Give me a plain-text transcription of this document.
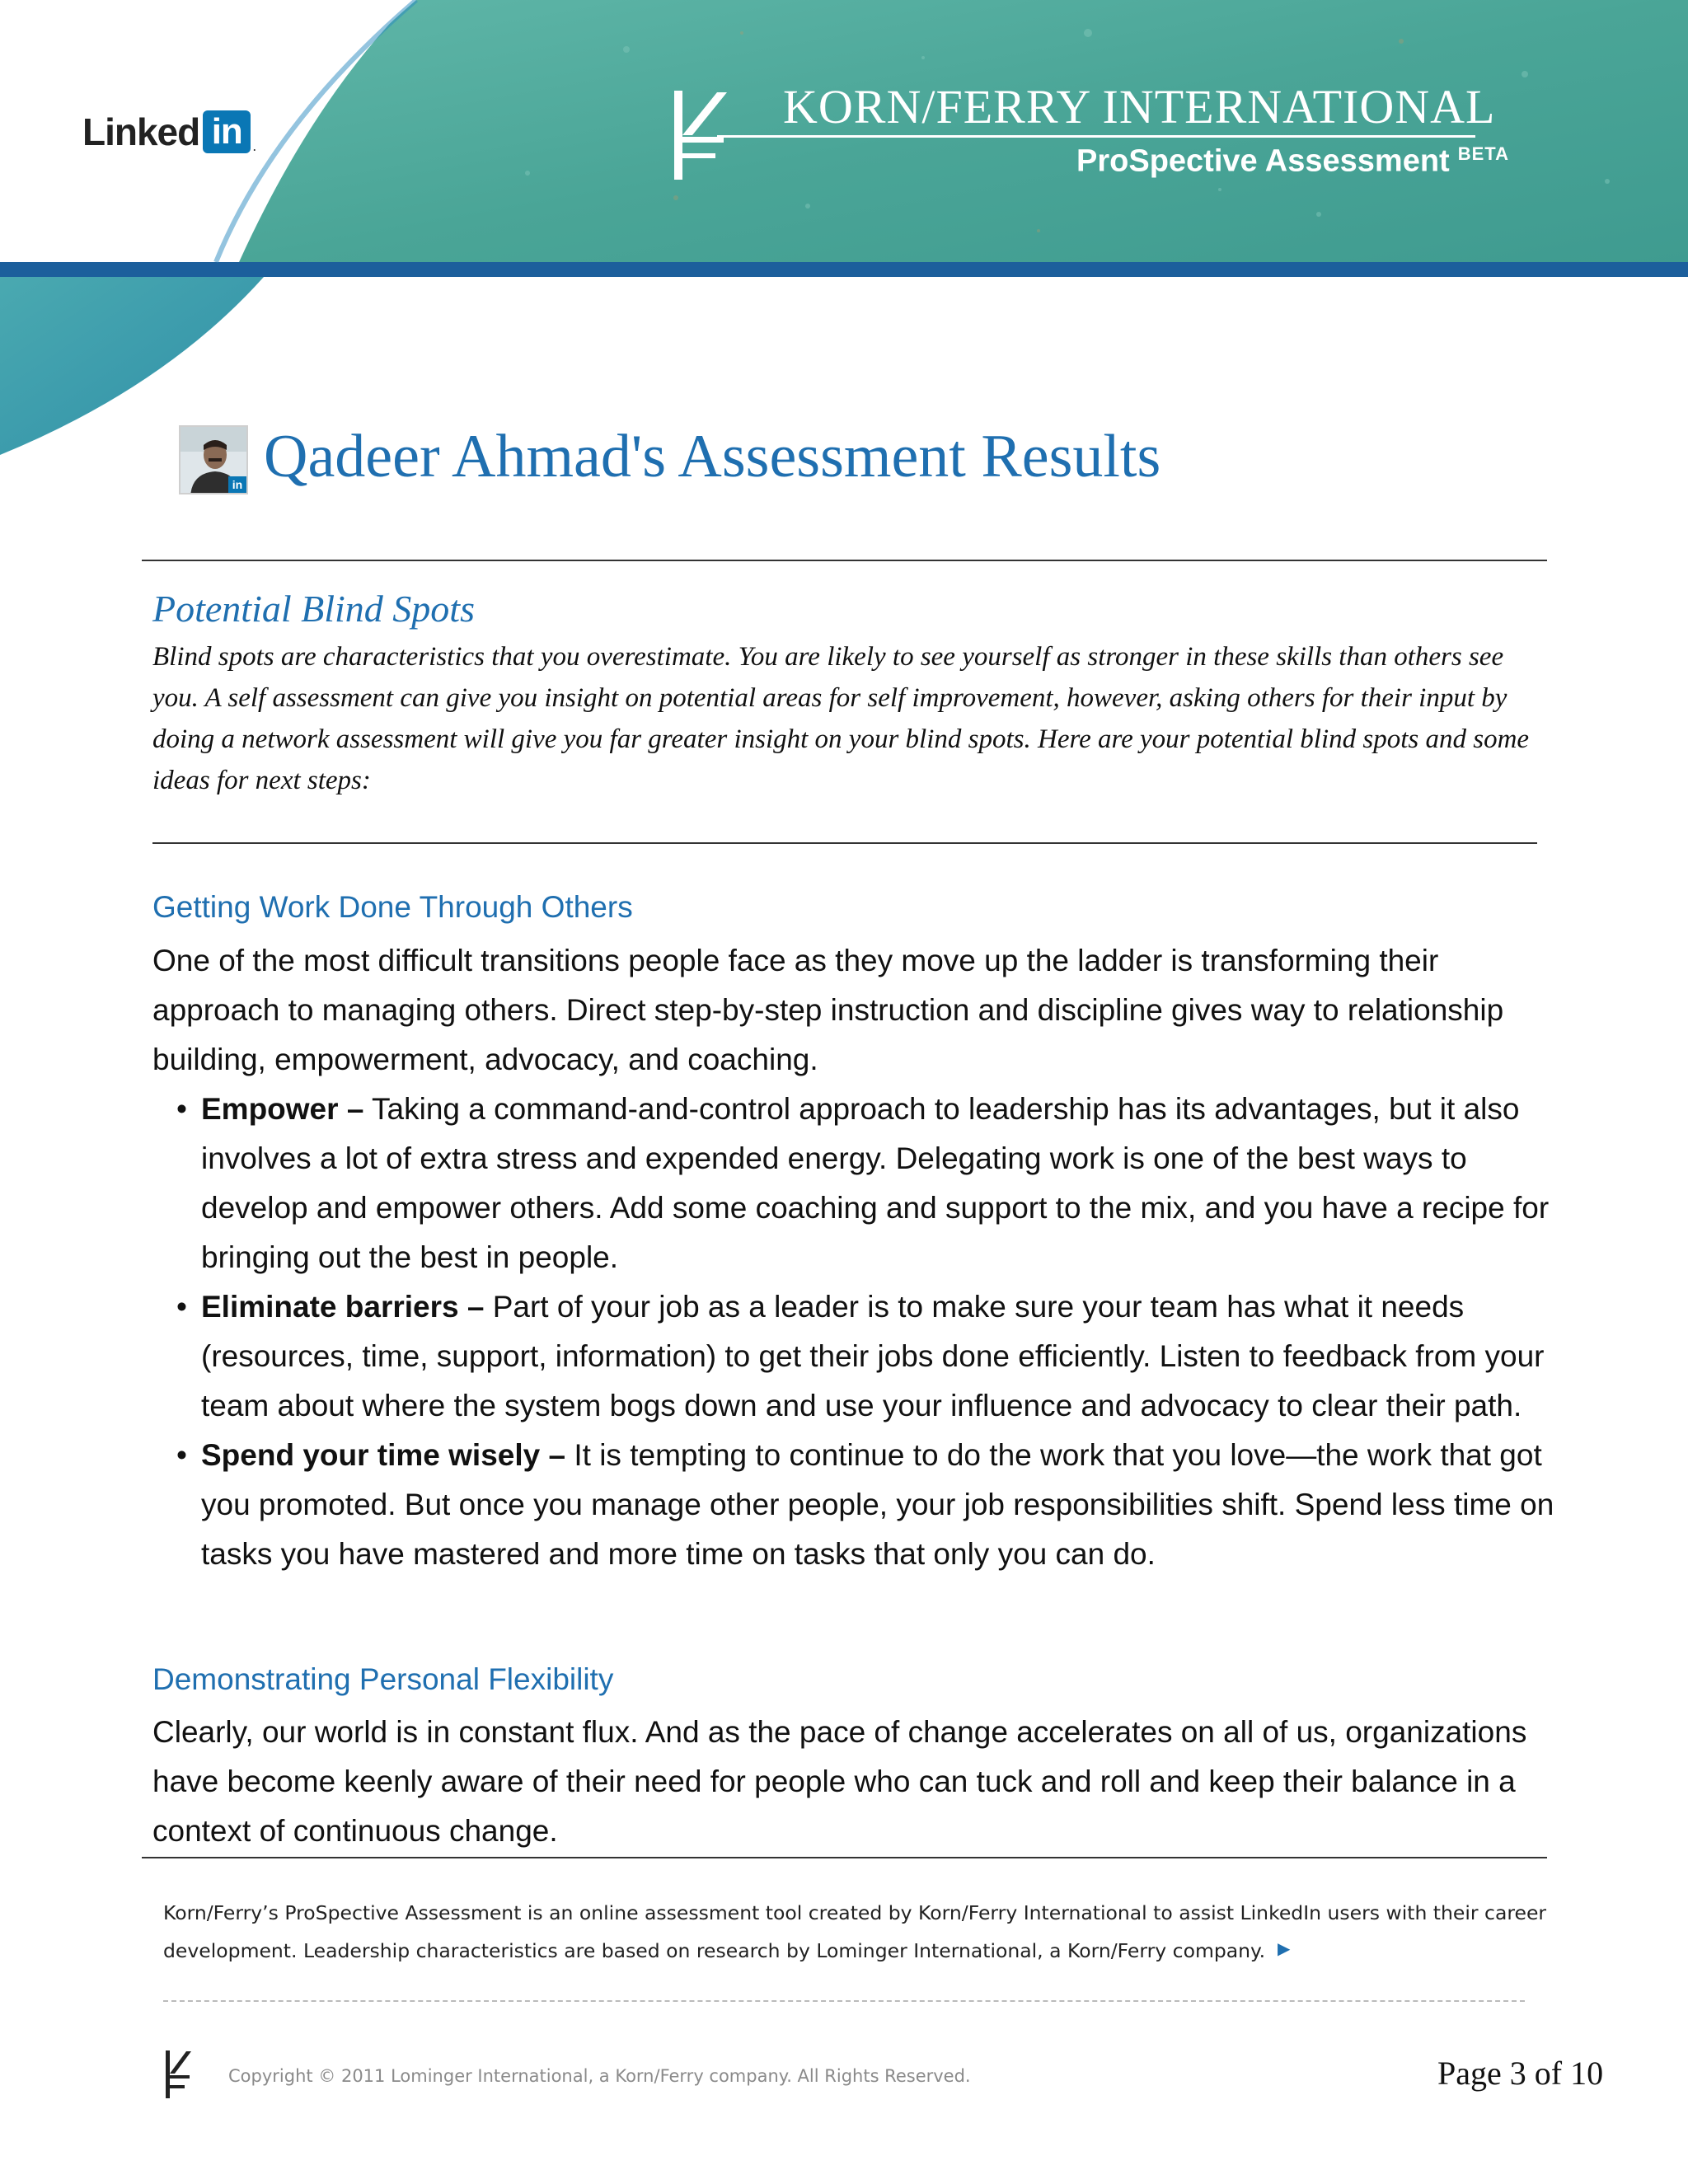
Linked in .
KORN/FERRY INTERNATIONAL
ProSpective Assessment $^{BETA}$
in Qadeer Ahmad's Assessment Results
Potential Blind Spots
Blind spots are characteristics that you overestimate. You are likely to see yourself as stronger in these skills than others see you. A self assessment can give you insight on potential areas for self improvement, however, asking others for their input by doing a network assessment will give you far greater insight on your blind spots. Here are your potential blind spots and some ideas for next steps:
Getting Work Done Through Others
One of the most difficult transitions people face as they move up the ladder is transforming their approach to managing others. Direct step-by-step instruction and discipline gives way to relationship building, empowerment, advocacy, and coaching.
• Empower – Taking a command-and-control approach to leadership has its advantages, but it also involves a lot of extra stress and expended energy. Delegating work is one of the best ways to develop and empower others. Add some coaching and support to the mix, and you have a recipe for bringing out the best in people.
• Eliminate barriers – Part of your job as a leader is to make sure your team has what it needs (resources, time, support, information) to get their jobs done efficiently. Listen to feedback from your team about where the system bogs down and use your influence and advocacy to clear their path.
• Spend your time wisely – It is tempting to continue to do the work that you love—the work that got you promoted. But once you manage other people, your job responsibilities shift. Spend less time on tasks you have mastered and more time on tasks that only you can do.
Demonstrating Personal Flexibility
Clearly, our world is in constant flux. And as the pace of change accelerates on all of us, organizations have become keenly aware of their need for people who can tuck and roll and keep their balance in a context of continuous change.
Korn/Ferry’s ProSpective Assessment is an online assessment tool created by Korn/Ferry International to assist LinkedIn users with their career development. Leadership characteristics are based on research by Lominger International, a Korn/Ferry company. ▶
Copyright © 2011 Lominger International, a Korn/Ferry company. All Rights Reserved.	Page 3 of 10
